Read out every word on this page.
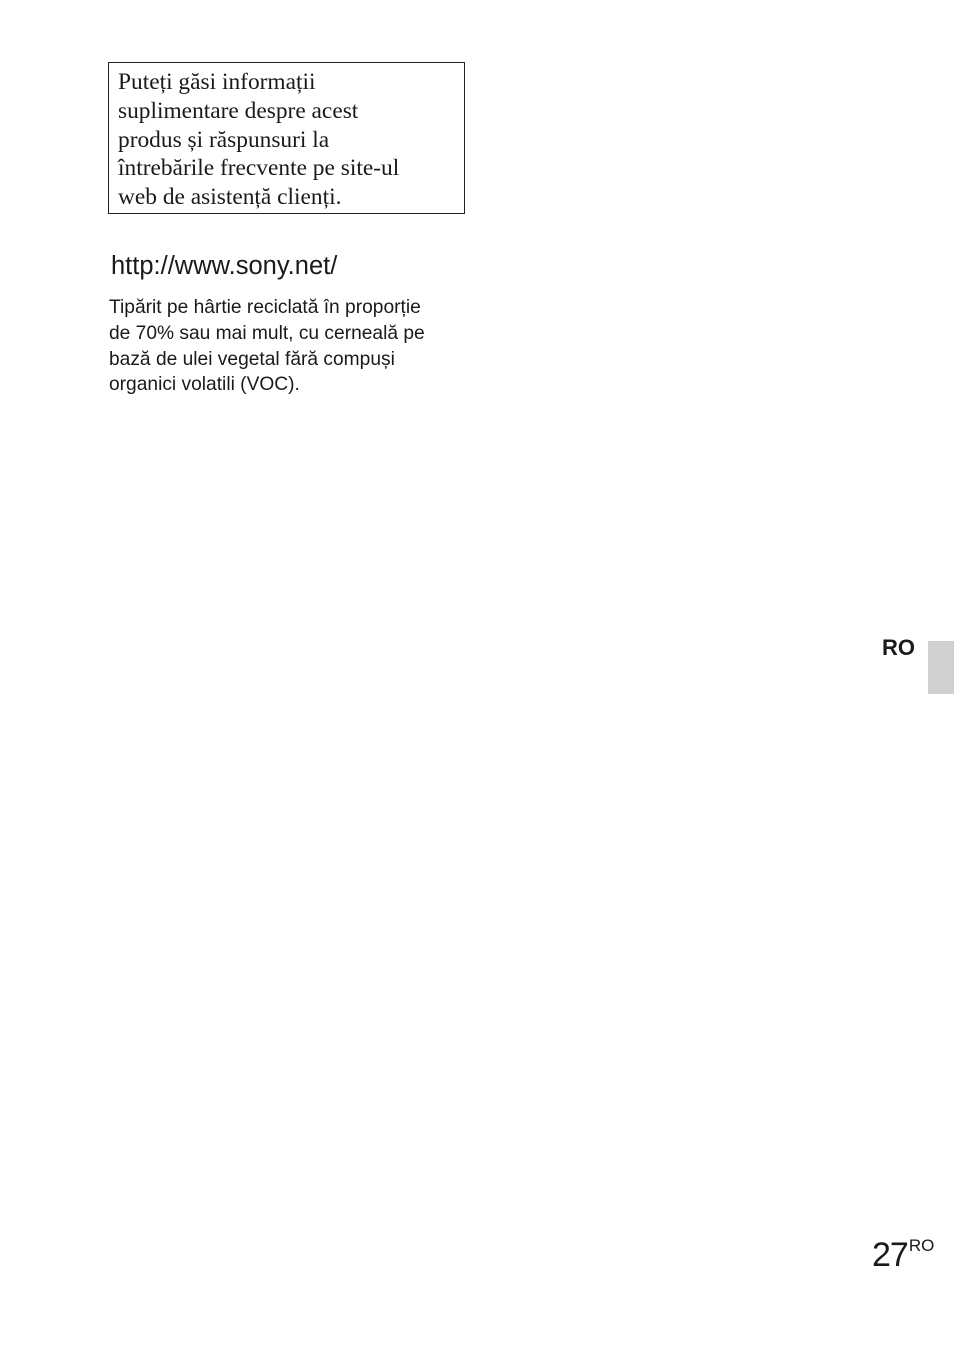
Puteți găsi informații
suplimentare despre acest
produs și răspunsuri la
întrebările frecvente pe site-ul
web de asistență clienți.
http://www.sony.net/
Tipărit pe hârtie reciclată în proporție
de 70% sau mai mult, cu cerneală pe
bază de ulei vegetal fără compuși
organici volatili (VOC).
RO
27RO
